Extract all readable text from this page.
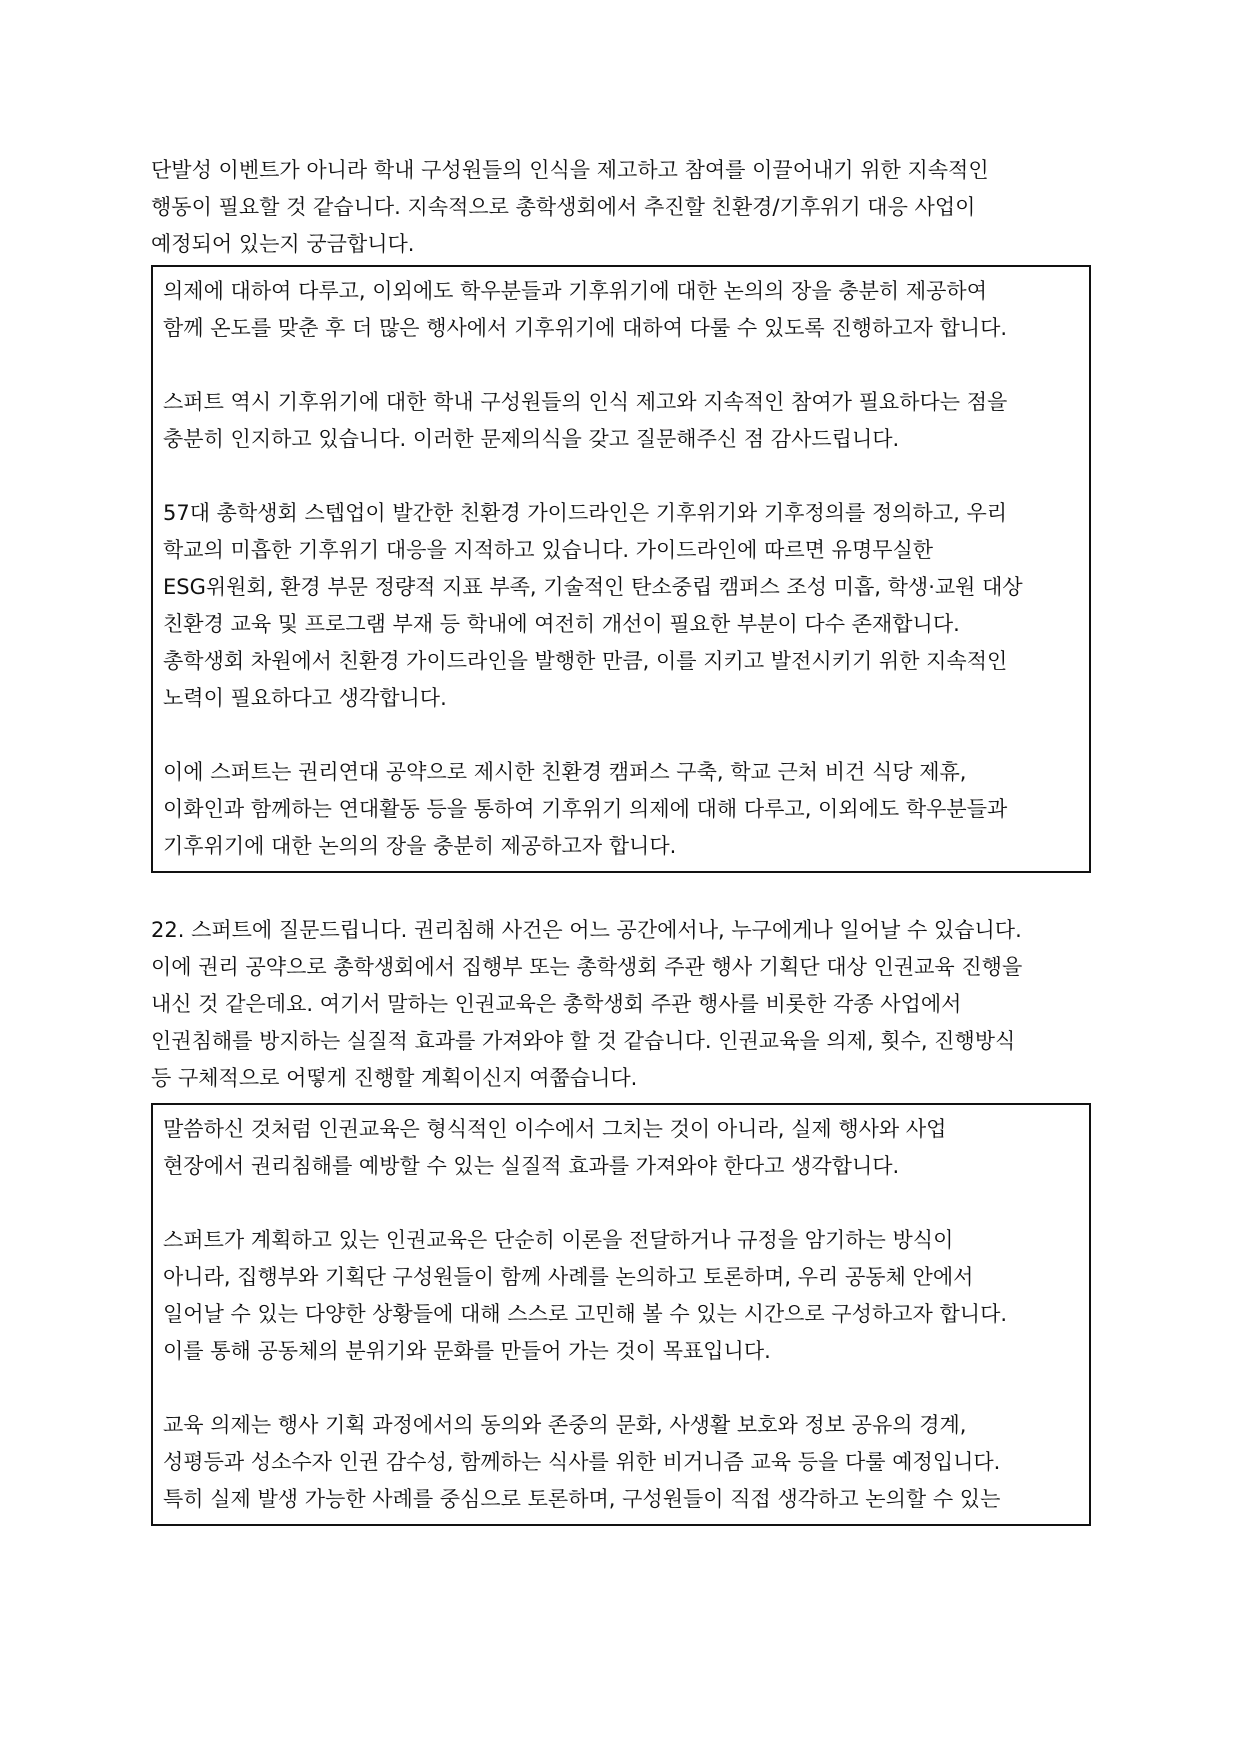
단발성 이벤트가 아니라 학내 구성원들의 인식을 제고하고 참여를 이끌어내기 위한 지속적인
행동이 필요할 것 같습니다. 지속적으로 총학생회에서 추진할 친환경/기후위기 대응 사업이
예정되어 있는지 궁금합니다.
의제에 대하여 다루고, 이외에도 학우분들과 기후위기에 대한 논의의 장을 충분히 제공하여
함께 온도를 맞춘 후 더 많은 행사에서 기후위기에 대하여 다룰 수 있도록 진행하고자 합니다.
스퍼트 역시 기후위기에 대한 학내 구성원들의 인식 제고와 지속적인 참여가 필요하다는 점을
충분히 인지하고 있습니다. 이러한 문제의식을 갖고 질문해주신 점 감사드립니다.
57대 총학생회 스텝업이 발간한 친환경 가이드라인은 기후위기와 기후정의를 정의하고, 우리
학교의 미흡한 기후위기 대응을 지적하고 있습니다. 가이드라인에 따르면 유명무실한
ESG위원회, 환경 부문 정량적 지표 부족, 기술적인 탄소중립 캠퍼스 조성 미흡, 학생·교원 대상
친환경 교육 및 프로그램 부재 등 학내에 여전히 개선이 필요한 부분이 다수 존재합니다.
총학생회 차원에서 친환경 가이드라인을 발행한 만큼, 이를 지키고 발전시키기 위한 지속적인
노력이 필요하다고 생각합니다.
이에 스퍼트는 권리연대 공약으로 제시한 친환경 캠퍼스 구축, 학교 근처 비건 식당 제휴,
이화인과 함께하는 연대활동 등을 통하여 기후위기 의제에 대해 다루고, 이외에도 학우분들과
기후위기에 대한 논의의 장을 충분히 제공하고자 합니다.
22. 스퍼트에 질문드립니다. 권리침해 사건은 어느 공간에서나, 누구에게나 일어날 수 있습니다.
이에 권리 공약으로 총학생회에서 집행부 또는 총학생회 주관 행사 기획단 대상 인권교육 진행을
내신 것 같은데요. 여기서 말하는 인권교육은 총학생회 주관 행사를 비롯한 각종 사업에서
인권침해를 방지하는 실질적 효과를 가져와야 할 것 같습니다. 인권교육을 의제, 횟수, 진행방식
등 구체적으로 어떻게 진행할 계획이신지 여쭙습니다.
말씀하신 것처럼 인권교육은 형식적인 이수에서 그치는 것이 아니라, 실제 행사와 사업
현장에서 권리침해를 예방할 수 있는 실질적 효과를 가져와야 한다고 생각합니다.
스퍼트가 계획하고 있는 인권교육은 단순히 이론을 전달하거나 규정을 암기하는 방식이
아니라, 집행부와 기획단 구성원들이 함께 사례를 논의하고 토론하며, 우리 공동체 안에서
일어날 수 있는 다양한 상황들에 대해 스스로 고민해 볼 수 있는 시간으로 구성하고자 합니다.
이를 통해 공동체의 분위기와 문화를 만들어 가는 것이 목표입니다.
교육 의제는 행사 기획 과정에서의 동의와 존중의 문화, 사생활 보호와 정보 공유의 경계,
성평등과 성소수자 인권 감수성, 함께하는 식사를 위한 비거니즘 교육 등을 다룰 예정입니다.
특히 실제 발생 가능한 사례를 중심으로 토론하며, 구성원들이 직접 생각하고 논의할 수 있는
